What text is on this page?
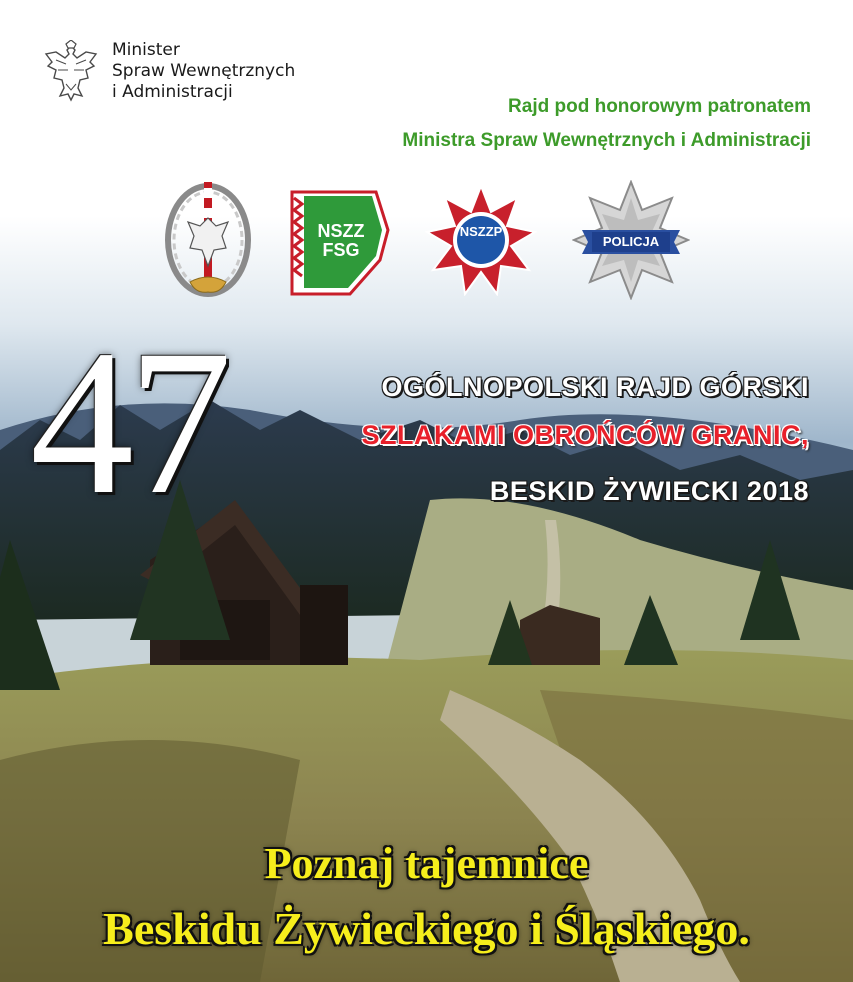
Minister
Spraw Wewnętrznych
i Administracji
Rajd pod honorowym patronatem
Ministra Spraw Wewnętrznych i Administracji
NSZZ FSG
NSZZP
POLICJA
47	OGÓLNOPOLSKI RAJD GÓRSKI
SZLAKAMI OBROŃCÓW GRANIC,
BESKID ŻYWIECKI 2018
Poznaj tajemnice
Beskidu Żywieckiego i Śląskiego.
